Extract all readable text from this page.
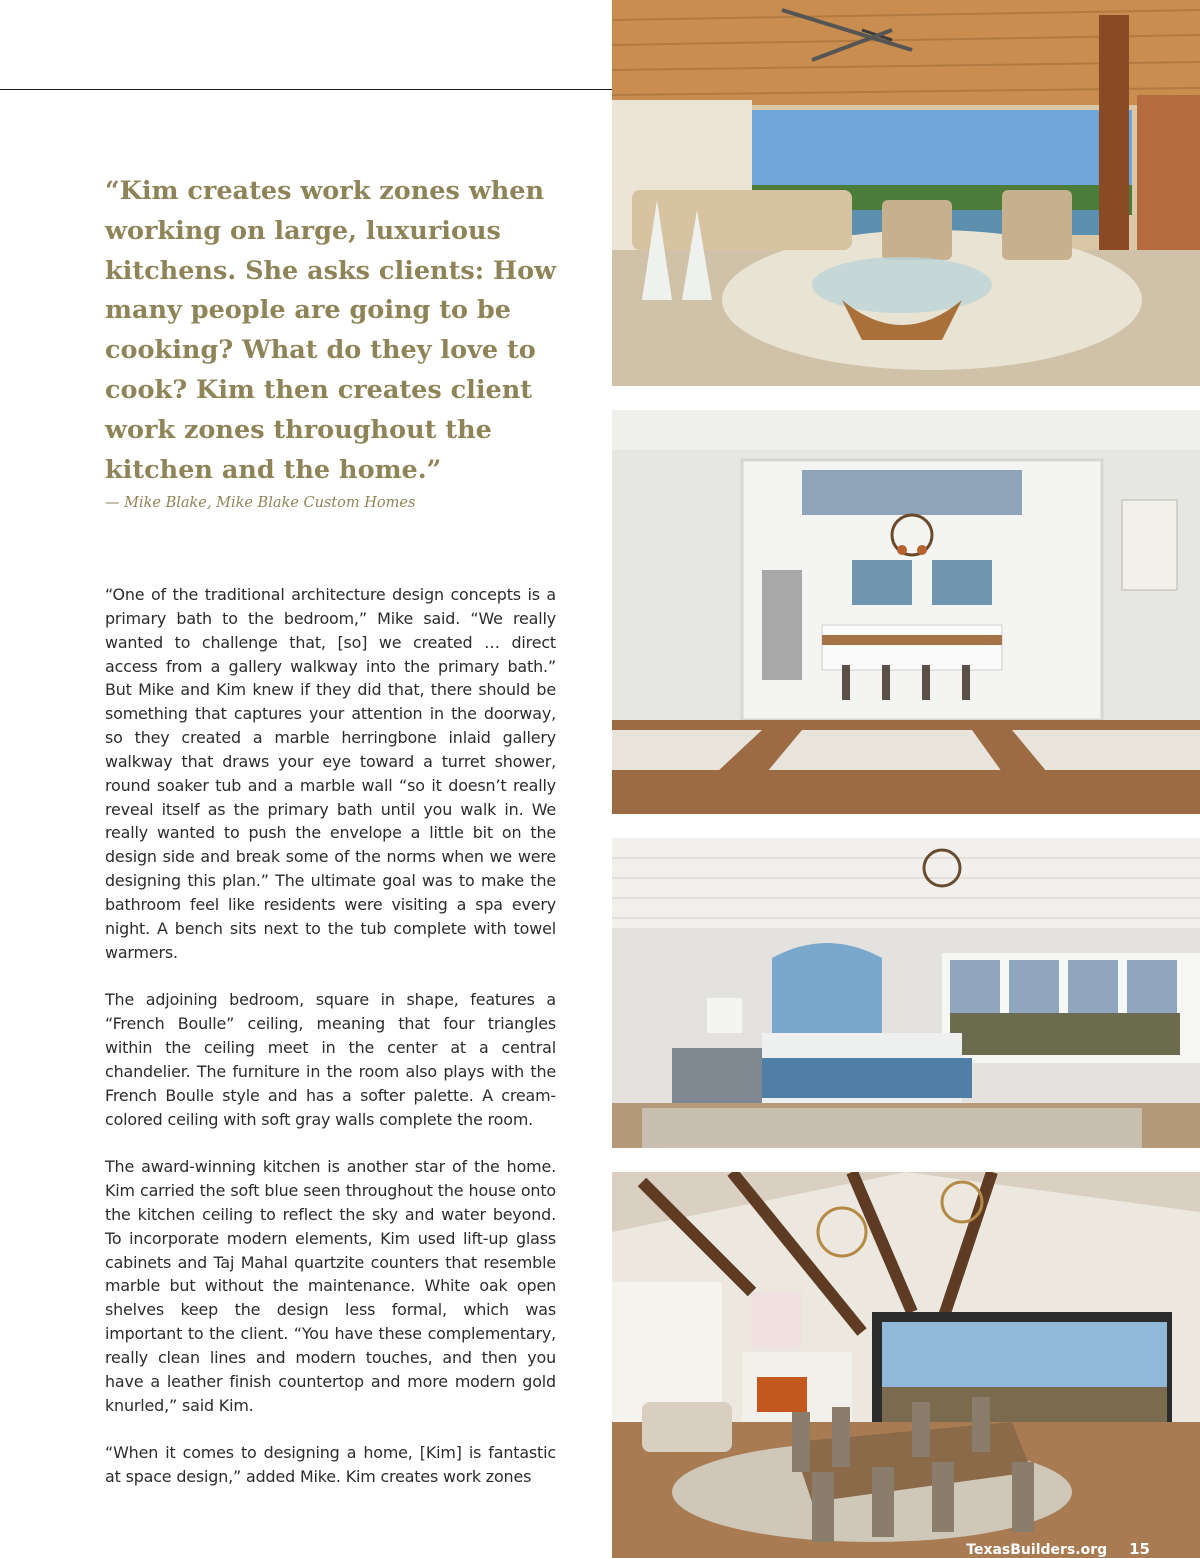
“Kim creates work zones when working on large, luxurious kitchens. She asks clients: How many people are going to be cooking? What do they love to cook? Kim then creates client work zones throughout the kitchen and the home.”

— Mike Blake, Mike Blake Custom Homes

“One of the traditional architecture design concepts is a primary bath to the bedroom,” Mike said. “We really wanted to challenge that, [so] we created … direct access from a gallery walkway into the primary bath.” But Mike and Kim knew if they did that, there should be something that captures your attention in the doorway, so they created a marble herringbone inlaid gallery walkway that draws your eye toward a turret shower, round soaker tub and a marble wall “so it doesn’t really reveal itself as the primary bath until you walk in. We really wanted to push the envelope a little bit on the design side and break some of the norms when we were designing this plan.” The ultimate goal was to make the bathroom feel like residents were visiting a spa every night. A bench sits next to the tub complete with towel warmers.

The adjoining bedroom, square in shape, features a “French Boulle” ceiling, meaning that four triangles within the ceiling meet in the center at a central chandelier. The furniture in the room also plays with the French Boulle style and has a softer palette. A cream-colored ceiling with soft gray walls complete the room.

The award-winning kitchen is another star of the home. Kim carried the soft blue seen throughout the house onto the kitchen ceiling to reflect the sky and water beyond. To incorporate modern elements, Kim used lift-up glass cabinets and Taj Mahal quartzite counters that resemble marble but without the maintenance. White oak open shelves keep the design less formal, which was important to the client. “You have these complementary, really clean lines and modern touches, and then you have a leather finish countertop and more modern gold knurled,” said Kim.

“When it comes to designing a home, [Kim] is fantastic at space design,” added Mike. Kim creates work zones

TexasBuilders.org 15
